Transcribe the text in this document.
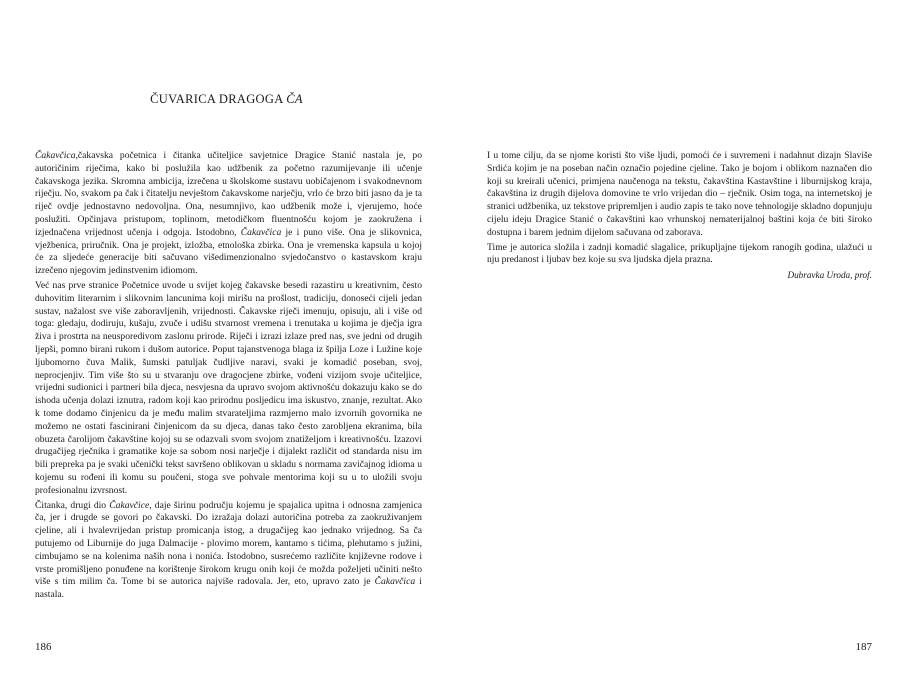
ČUVARICA DRAGOGA ČA

Čakavčica,čakavska početnica i čitanka učiteljice savjetnice Dragice Stanić nastala je, po autoričinim riječima, kako bi poslužila kao udžbenik za početno razumijevanje ili učenje čakavskoga jezika. Skromna ambicija, izrečena u školskome sustavu uobičajenom i svakodnevnom riječju. No, svakom pa čak i čitatelju nevještom čakavskome narječju, vrlo će brzo biti jasno da je ta riječ ovdje jednostavno nedovoljna. Ona, nesumnjivo, kao udžbenik može i, vjerujemo, hoće poslužiti. Opčinjava pristupom, toplinom, metodičkom fluentnošću kojom je zaokružena i izjednačena vrijednost učenja i odgoja. Istodobno, Čakavčica je i puno više. Ona je slikovnica, vježbenica, priručnik. Ona je projekt, izložba, etnološka zbirka. Ona je vremenska kapsula u kojoj će za sljedeće generacije biti sačuvano višedimenzionalno svjedočanstvo o kastavskom kraju izrečeno njegovim jedinstvenim idiomom.

Već nas prve stranice Početnice uvode u svijet kojeg čakavske besedi razastiru u kreativnim, često duhovitim literarnim i slikovnim lancunima koji mirišu na prošlost, tradiciju, donoseći cijeli jedan sustav, nažalost sve više zaboravljenih, vrijednosti. Čakavske riječi imenuju, opisuju, ali i više od toga: gledaju, dodiruju, kušaju, zvuče i udišu stvarnost vremena i trenutaka u kojima je dječja igra živa i prostrta na neusporedivom zaslonu prirode. Riječi i izrazi izlaze pred nas, sve jedni od drugih ljepši, pomno birani rukom i dušom autorice. Poput tajanstvenoga blaga iz špilja Loze i Lužine koje ljubomorno čuva Malik, šumski patuljak čudljive naravi, svaki je komadić poseban, svoj, neprocjenjiv. Tim više što su u stvaranju ove dragocjene zbirke, vođeni vizijom svoje učiteljice, vrijedni sudionici i partneri bila djeca, nesvjesna da upravo svojom aktivnošću dokazuju kako se do ishoda učenja dolazi iznutra, radom koji kao prirodnu posljedicu ima iskustvo, znanje, rezultat. Ako k tome dodamo činjenicu da je među malim stvarateljima razmjerno malo izvornih govornika ne možemo ne ostati fascinirani činjenicom da su djeca, danas tako često zarobljena ekranima, bila obuzeta čarolijom čakavštine kojoj su se odazvali svom svojom znatiželjom i kreativnošću. Izazovi drugačijeg rječnika i gramatike koje sa sobom nosi narječje i dijalekt različit od standarda nisu im bili prepreka pa je svaki učenički tekst savršeno oblikovan u skladu s normama zavičajnog idioma u kojemu su rođeni ili komu su poučeni, stoga sve pohvale mentorima koji su u to uložili svoju profesionalnu izvrsnost.

Čitanka, drugi dio Čakavčice, daje širinu području kojemu je spajalica upitna i odnosna zamjenica ča, jer i drugde se govori po čakavski. Do izražaja dolazi autoričina potreba za zaokruživanjem cjeline, ali i hvalevrijedan pristup promicanja istog, a drugačijeg kao jednako vrijednog. Sa ča putujemo od Liburnije do juga Dalmacije - plovimo morem, kantamo s tićima, plehutamo s južini, cimbujamo se na kolenima naših nona i nonića. Istodobno, susrećemo različite književne rodove i vrste promišljeno ponuđene na korištenje širokom krugu onih koji će možda poželjeti učiniti nešto više s tim milim ča. Tome bi se autorica najviše radovala. Jer, eto, upravo zato je Čakavčica i nastala.

186

I u tome cilju, da se njome koristi što više ljudi, pomoći će i suvremeni i nadahnut dizajn Slaviše Srdića kojim je na poseban način označio pojedine cjeline. Tako je bojom i oblikom naznačen dio koji su kreirali učenici, primjena naučenoga na tekstu, čakavština Kastavštine i liburnijskog kraja, čakavština iz drugih dijelova domovine te vrlo vrijedan dio – rječnik. Osim toga, na internetskoj je stranici udžbenika, uz tekstove pripremljen i audio zapis te tako nove tehnologije skladno dopunjuju cijelu ideju Dragice Stanić o čakavštini kao vrhunskoj nematerijalnoj baštini koja će biti široko dostupna i barem jednim dijelom sačuvana od zaborava.

Time je autorica složila i zadnji komadić slagalice, prikupljajne tijekom ranogih godina, ulažući u nju predanost i ljubav bez koje su sva ljudska djela prazna.

Dubravka Uroda, prof.

187
